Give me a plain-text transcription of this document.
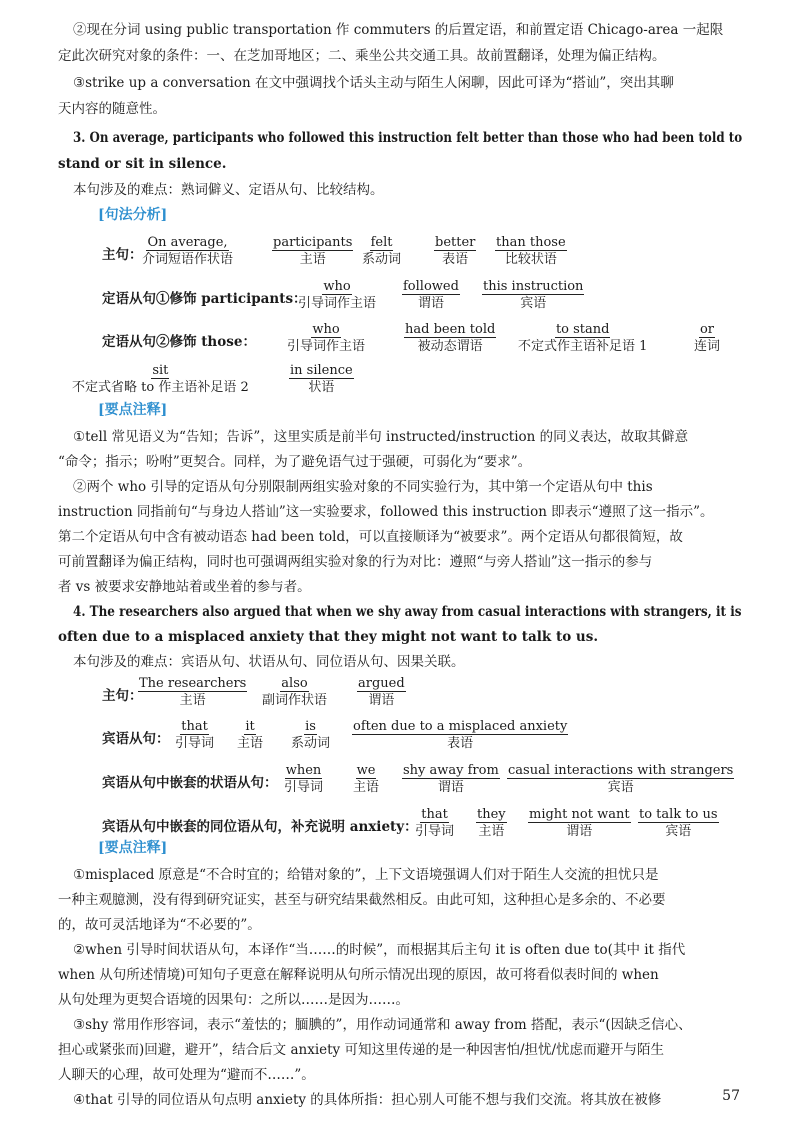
②现在分词 using public transportation 作 commuters 的后置定语，和前置定语 Chicago-area 一起限
定此次研究对象的条件：一、在芝加哥地区；二、乘坐公共交通工具。故前置翻译，处理为偏正结构。
③strike up a conversation 在文中强调找个话头主动与陌生人闲聊，因此可译为“搭讪”，突出其聊
天内容的随意性。
3. On average, participants who followed this instruction felt better than those who had been told to
stand or sit in silence.
本句涉及的难点：熟词僻义、定语从句、比较结构。
[句法分析]
主句：
On average,
介词短语作状语
participants
主语
felt
系动词
better
表语
than those
比较状语
定语从句①修饰 participants：
who
引导词作主语
followed
谓语
this instruction
宾语
定语从句②修饰 those：
who
引导词作主语
had been told
被动态谓语
to stand
不定式作主语补足语 1
or
连词
sit
不定式省略 to 作主语补足语 2
in silence
状语
[要点注释]
①tell 常见语义为“告知；告诉”，这里实质是前半句 instructed/instruction 的同义表达，故取其僻意
“命令；指示；吩咐”更契合。同样，为了避免语气过于强硬，可弱化为“要求”。
②两个 who 引导的定语从句分别限制两组实验对象的不同实验行为，其中第一个定语从句中 this
instruction 同指前句“与身边人搭讪”这一实验要求，followed this instruction 即表示“遵照了这一指示”。
第二个定语从句中含有被动语态 had been told，可以直接顺译为“被要求”。两个定语从句都很简短，故
可前置翻译为偏正结构，同时也可强调两组实验对象的行为对比：遵照“与旁人搭讪”这一指示的参与
者 vs 被要求安静地站着或坐着的参与者。
4. The researchers also argued that when we shy away from casual interactions with strangers, it is
often due to a misplaced anxiety that they might not want to talk to us.
本句涉及的难点：宾语从句、状语从句、同位语从句、因果关联。
主句：
The researchers
主语
also
副词作状语
argued
谓语
宾语从句：
that
引导词
it
主语
is
系动词
often due to a misplaced anxiety
表语
宾语从句中嵌套的状语从句：
when
引导词
we
主语
shy away from
谓语
casual interactions with strangers
宾语
宾语从句中嵌套的同位语从句，补充说明 anxiety：
that
引导词
they
主语
might not want
谓语
to talk to us
宾语
[要点注释]
①misplaced 原意是“不合时宜的；给错对象的”，上下文语境强调人们对于陌生人交流的担忧只是
一种主观臆测，没有得到研究证实，甚至与研究结果截然相反。由此可知，这种担心是多余的、不必要
的，故可灵活地译为“不必要的”。
②when 引导时间状语从句，本译作“当……的时候”，而根据其后主句 it is often due to(其中 it 指代
when 从句所述情境)可知句子更意在解释说明从句所示情况出现的原因，故可将看似表时间的 when
从句处理为更契合语境的因果句：之所以……是因为……。
③shy 常用作形容词，表示“羞怯的；腼腆的”，用作动词通常和 away from 搭配，表示“(因缺乏信心、
担心或紧张而)回避，避开”，结合后文 anxiety 可知这里传递的是一种因害怕/担忧/忧虑而避开与陌生
人聊天的心理，故可处理为“避而不……”。
④that 引导的同位语从句点明 anxiety 的具体所指：担心别人可能不想与我们交流。将其放在被修	57
